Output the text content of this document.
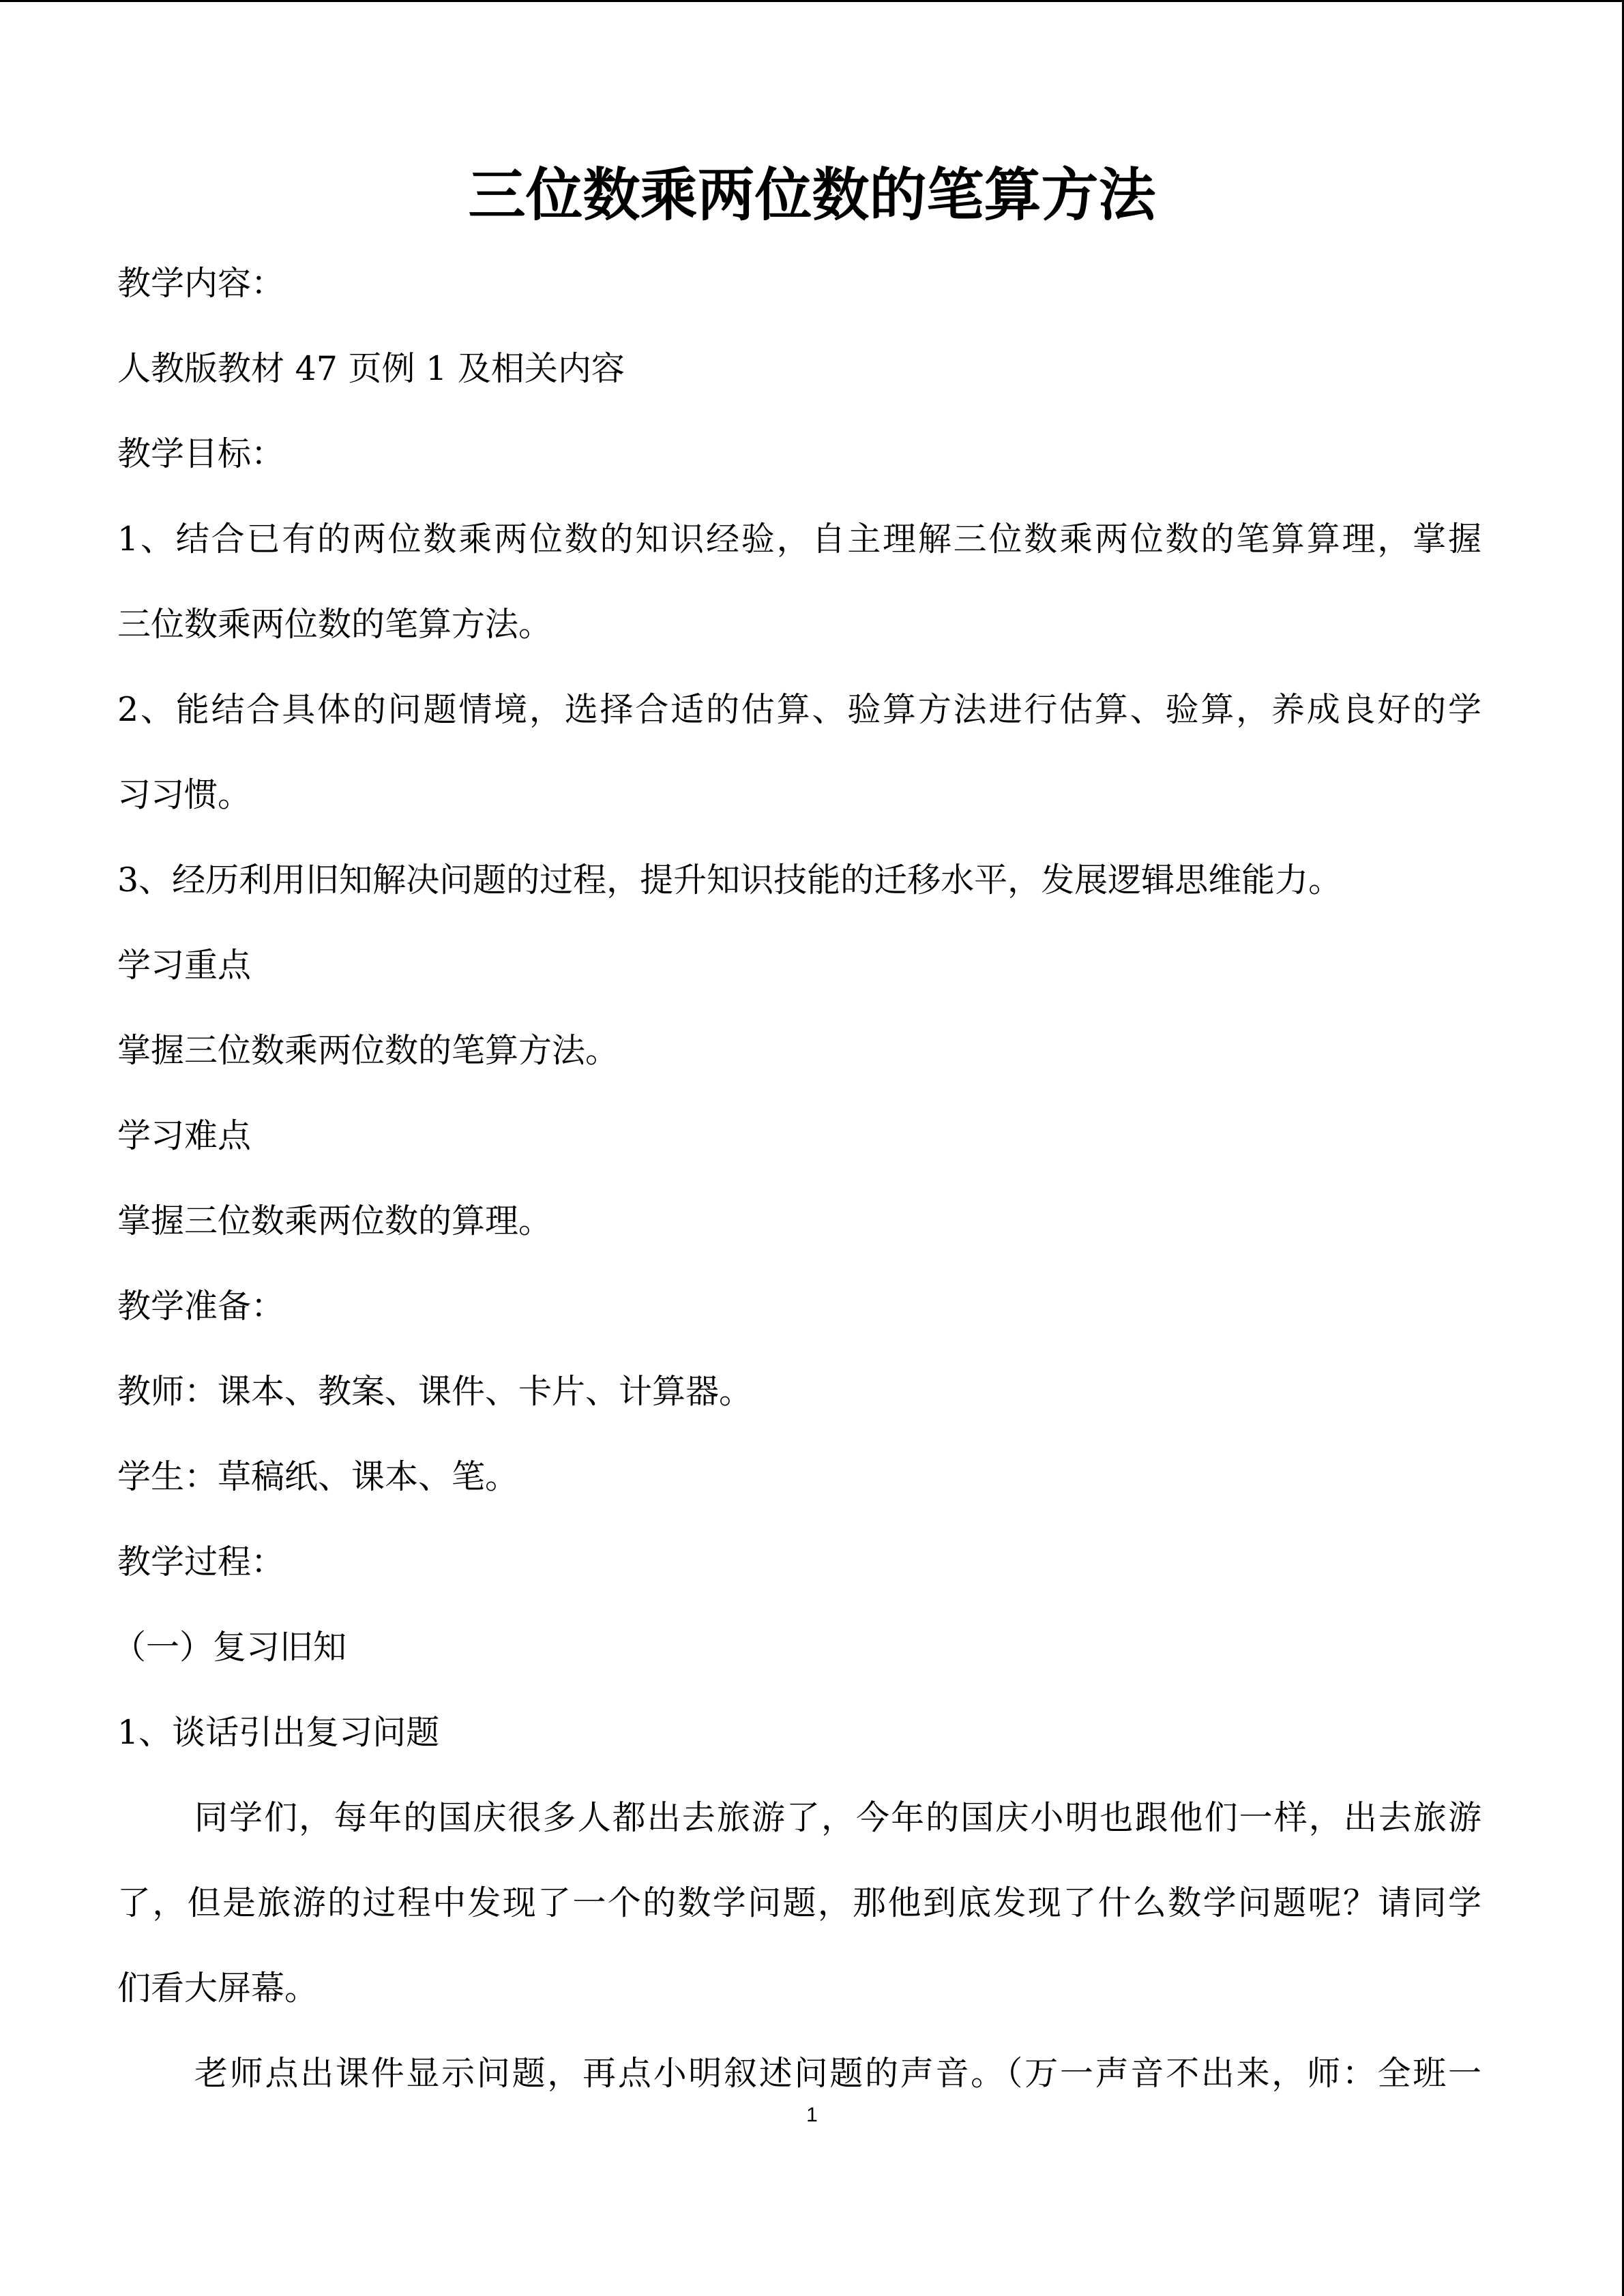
三位数乘两位数的笔算方法
教学内容：
人教版教材 47 页例 1 及相关内容
教学目标：
1、结合已有的两位数乘两位数的知识经验，自主理解三位数乘两位数的笔算算理，掌握
三位数乘两位数的笔算方法。
2、能结合具体的问题情境，选择合适的估算、验算方法进行估算、验算，养成良好的学
习习惯。
3、经历利用旧知解决问题的过程，提升知识技能的迁移水平，发展逻辑思维能力。
学习重点
掌握三位数乘两位数的笔算方法。
学习难点
掌握三位数乘两位数的算理。
教学准备：
教师：课本、教案、课件、卡片、计算器。
学生：草稿纸、课本、笔。
教学过程：
（一）复习旧知
1、谈话引出复习问题
同学们，每年的国庆很多人都出去旅游了，今年的国庆小明也跟他们一样，出去旅游
了，但是旅游的过程中发现了一个的数学问题，那他到底发现了什么数学问题呢？请同学
们看大屏幕。
老师点出课件显示问题，再点小明叙述问题的声音。（万一声音不出来，师：全班一
1
